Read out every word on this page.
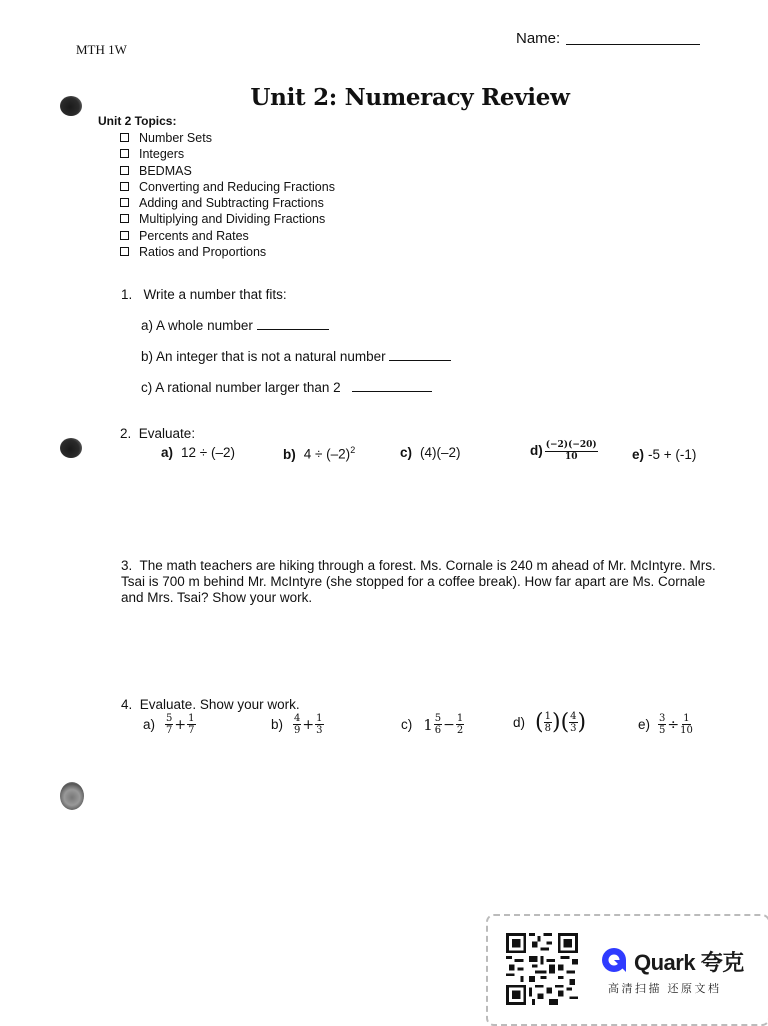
MTH 1W
Name:
Unit 2: Numeracy Review
Unit 2 Topics:
Number Sets
Integers
BEDMAS
Converting and Reducing Fractions
Adding and Subtracting Fractions
Multiplying and Dividing Fractions
Percents and Rates
Ratios and Proportions
1. Write a number that fits:
a) A whole number
b) An integer that is not a natural number
c) A rational number larger than 2
2. Evaluate:
a) 12 ÷ (–2)	b) $4 \div (-2)^2$	c) (4)(–2)	$d) \frac{(-2)(-20)}{10}$	e) -5 + (-1)
3. The math teachers are hiking through a forest. Ms. Cornale is 240 m ahead of Mr. McIntyre. Mrs. Tsai is 700 m behind Mr. McIntyre (she stopped for a coffee break). How far apart are Ms. Cornale and Mrs. Tsai? Show your work.
4. Evaluate. Show your work.
$a) \frac{5}{7} + \frac{1}{7}$	$b) \frac{4}{9} + \frac{1}{3}$	c) $1 \frac{5}{6} - \frac{1}{2}$	d) ( $\frac{1}{8}$ )( $\frac{4}{3}$ )	$e) \frac{3}{5} \div \frac{1}{10}$
Quark 夸克
高清扫描 还原文档
